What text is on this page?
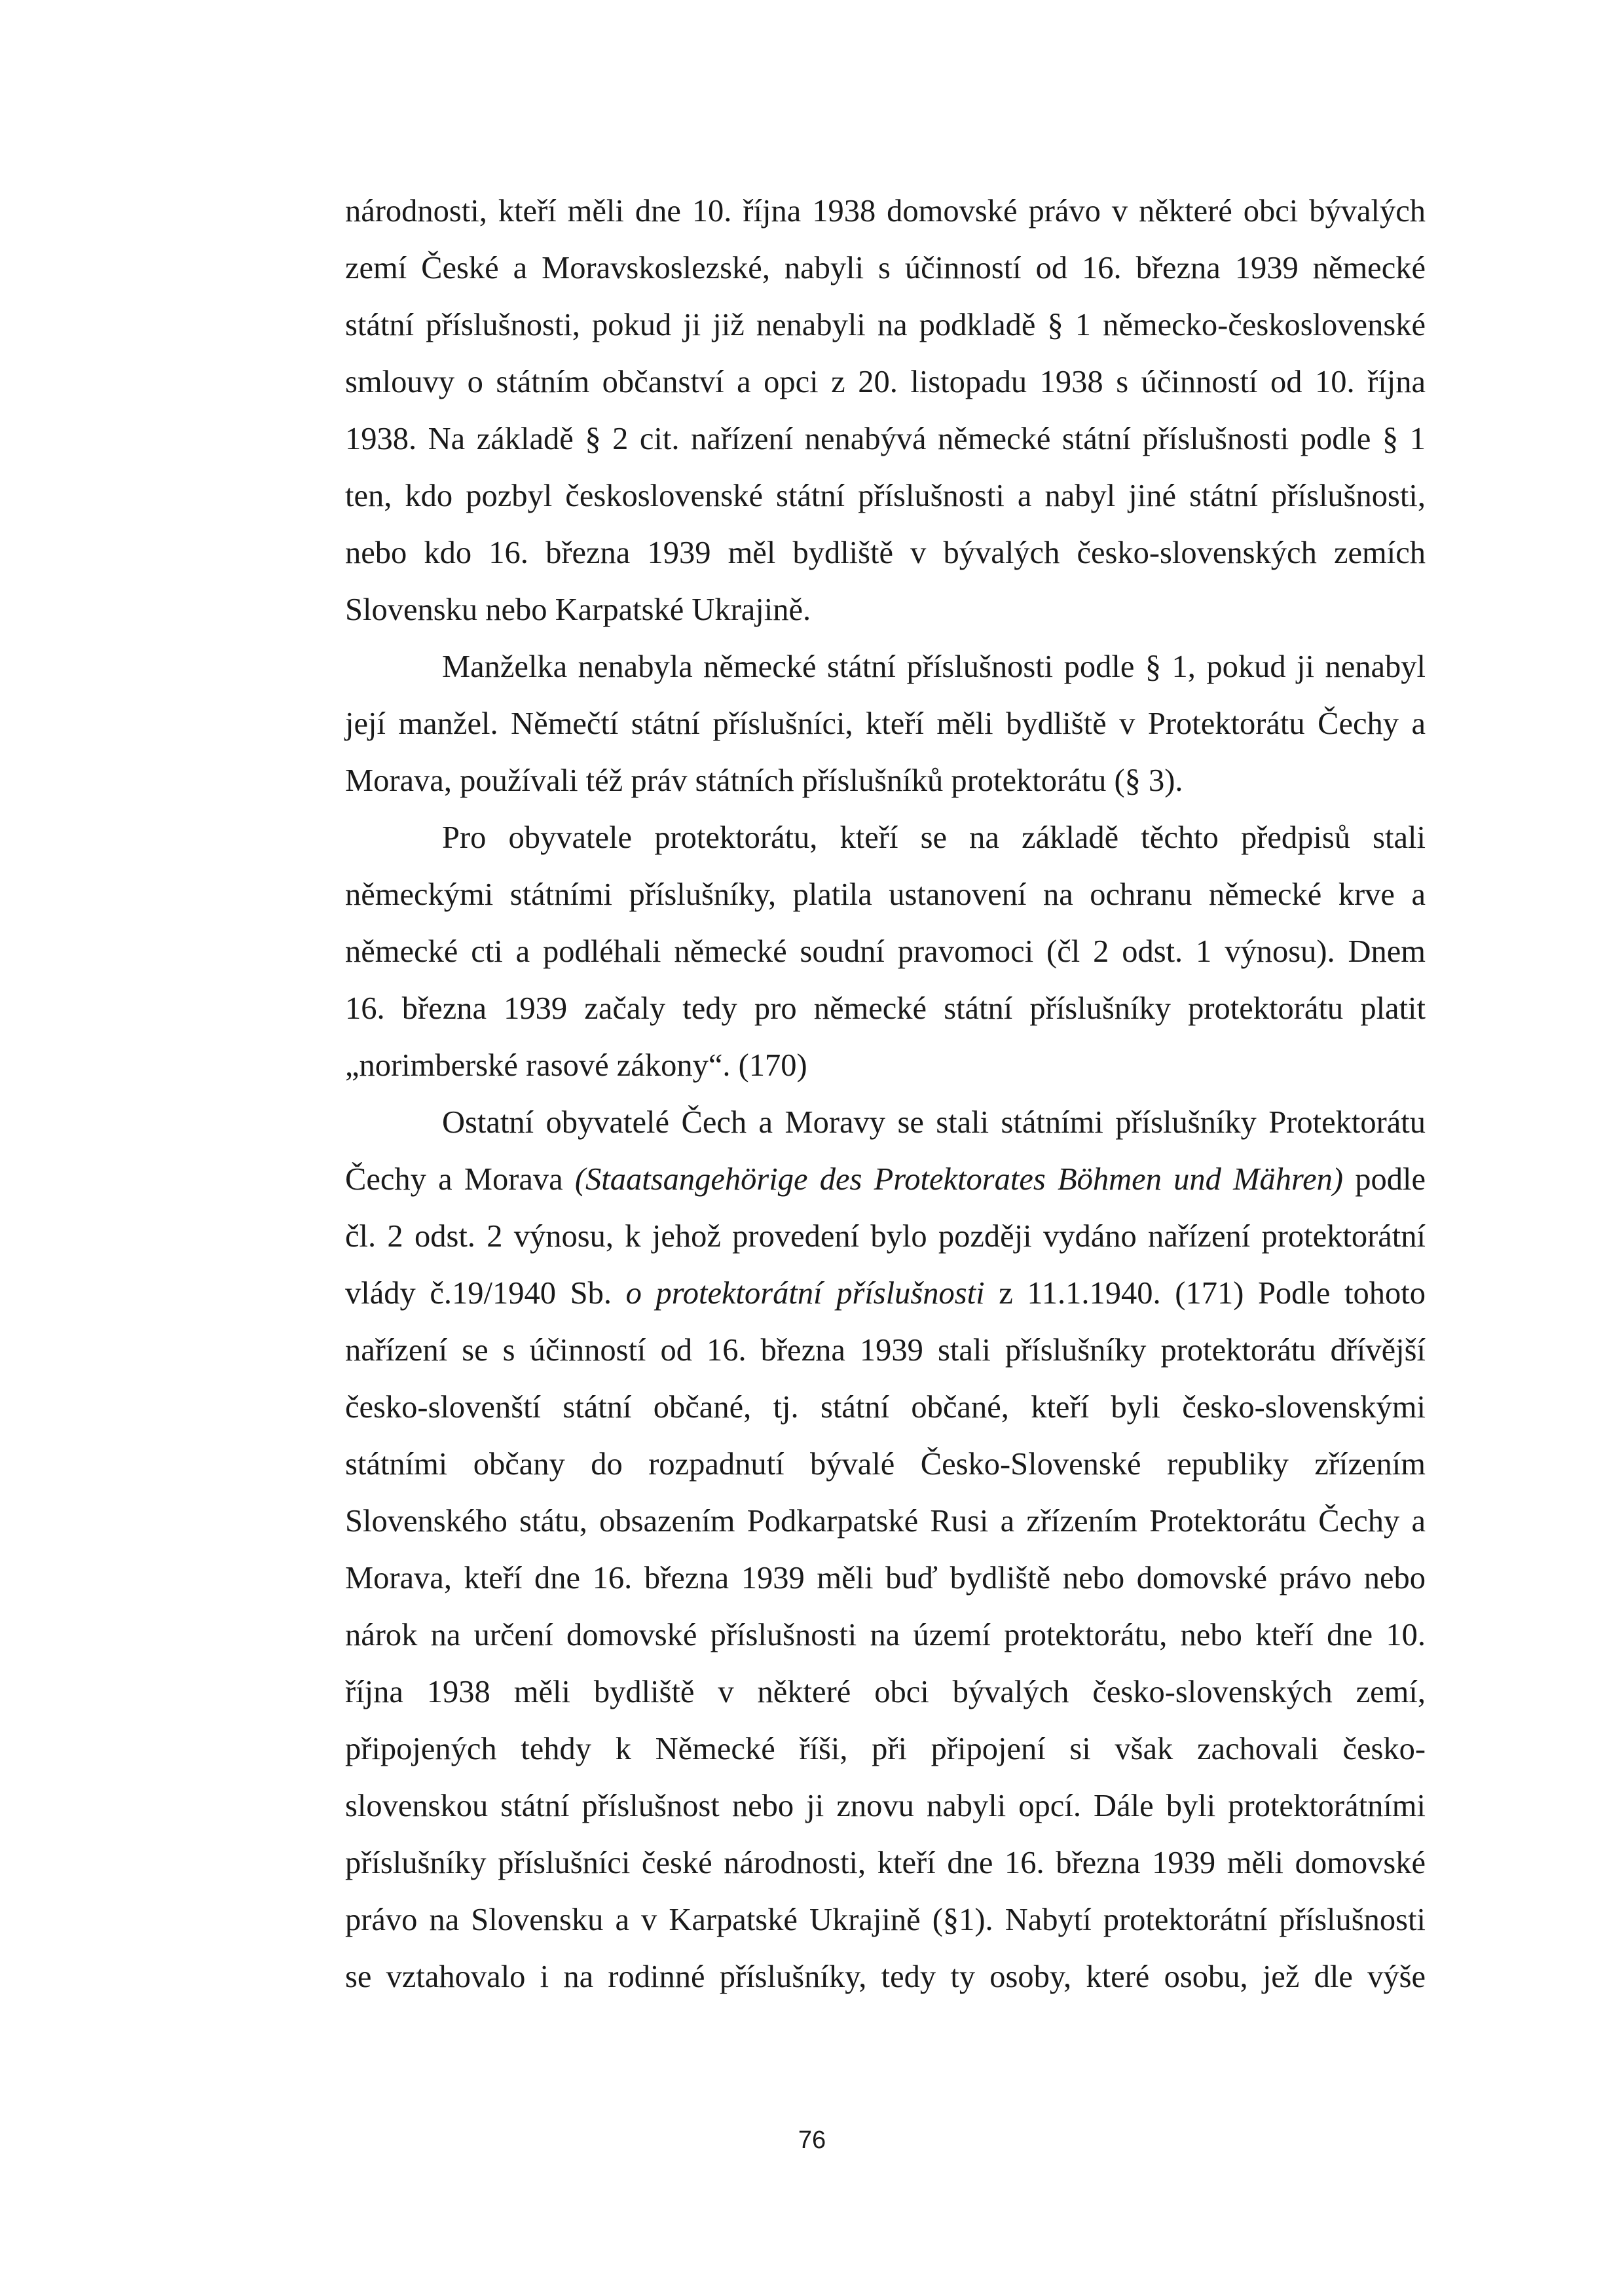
národnosti, kteří měli dne 10. října 1938 domovské právo v některé obci bývalých
zemí České a Moravskoslezské, nabyli s účinností od 16. března 1939 německé
státní příslušnosti, pokud ji již nenabyli na podkladě § 1 německo-československé
smlouvy o státním občanství a opci z 20. listopadu 1938 s účinností od 10. října
1938. Na základě § 2 cit. nařízení nenabývá německé státní příslušnosti podle § 1
ten, kdo pozbyl československé státní příslušnosti a nabyl jiné státní příslušnosti,
nebo kdo 16. března 1939 měl bydliště v bývalých česko-slovenských zemích
Slovensku nebo Karpatské Ukrajině.
Manželka nenabyla německé státní příslušnosti podle § 1, pokud ji nenabyl
její manžel. Němečtí státní příslušníci, kteří měli bydliště v Protektorátu Čechy a
Morava, používali též práv státních příslušníků protektorátu (§ 3).
Pro obyvatele protektorátu, kteří se na základě těchto předpisů stali
německými státními příslušníky, platila ustanovení na ochranu německé krve a
německé cti a podléhali německé soudní pravomoci (čl 2 odst. 1 výnosu). Dnem
16. března 1939 začaly tedy pro německé státní příslušníky protektorátu platit
„norimberské rasové zákony“. (170)
Ostatní obyvatelé Čech a Moravy se stali státními příslušníky Protektorátu
Čechy a Morava (Staatsangehörige des Protektorates Böhmen und Mähren) podle
čl. 2 odst. 2 výnosu, k jehož provedení bylo později vydáno nařízení protektorátní
vlády č.19/1940 Sb. o protektorátní příslušnosti z 11.1.1940. (171) Podle tohoto
nařízení se s účinností od 16. března 1939 stali příslušníky protektorátu dřívější
česko-slovenští státní občané, tj. státní občané, kteří byli česko-slovenskými
státními občany do rozpadnutí bývalé Česko-Slovenské republiky zřízením
Slovenského státu, obsazením Podkarpatské Rusi a zřízením Protektorátu Čechy a
Morava, kteří dne 16. března 1939 měli buď bydliště nebo domovské právo nebo
nárok na určení domovské příslušnosti na území protektorátu, nebo kteří dne 10.
října 1938 měli bydliště v některé obci bývalých česko-slovenských zemí,
připojených tehdy k Německé říši, při připojení si však zachovali česko-
slovenskou státní příslušnost nebo ji znovu nabyli opcí. Dále byli protektorátními
příslušníky příslušníci české národnosti, kteří dne 16. března 1939 měli domovské
právo na Slovensku a v Karpatské Ukrajině (§1). Nabytí protektorátní příslušnosti
se vztahovalo i na rodinné příslušníky, tedy ty osoby, které osobu, jež dle výše
76
